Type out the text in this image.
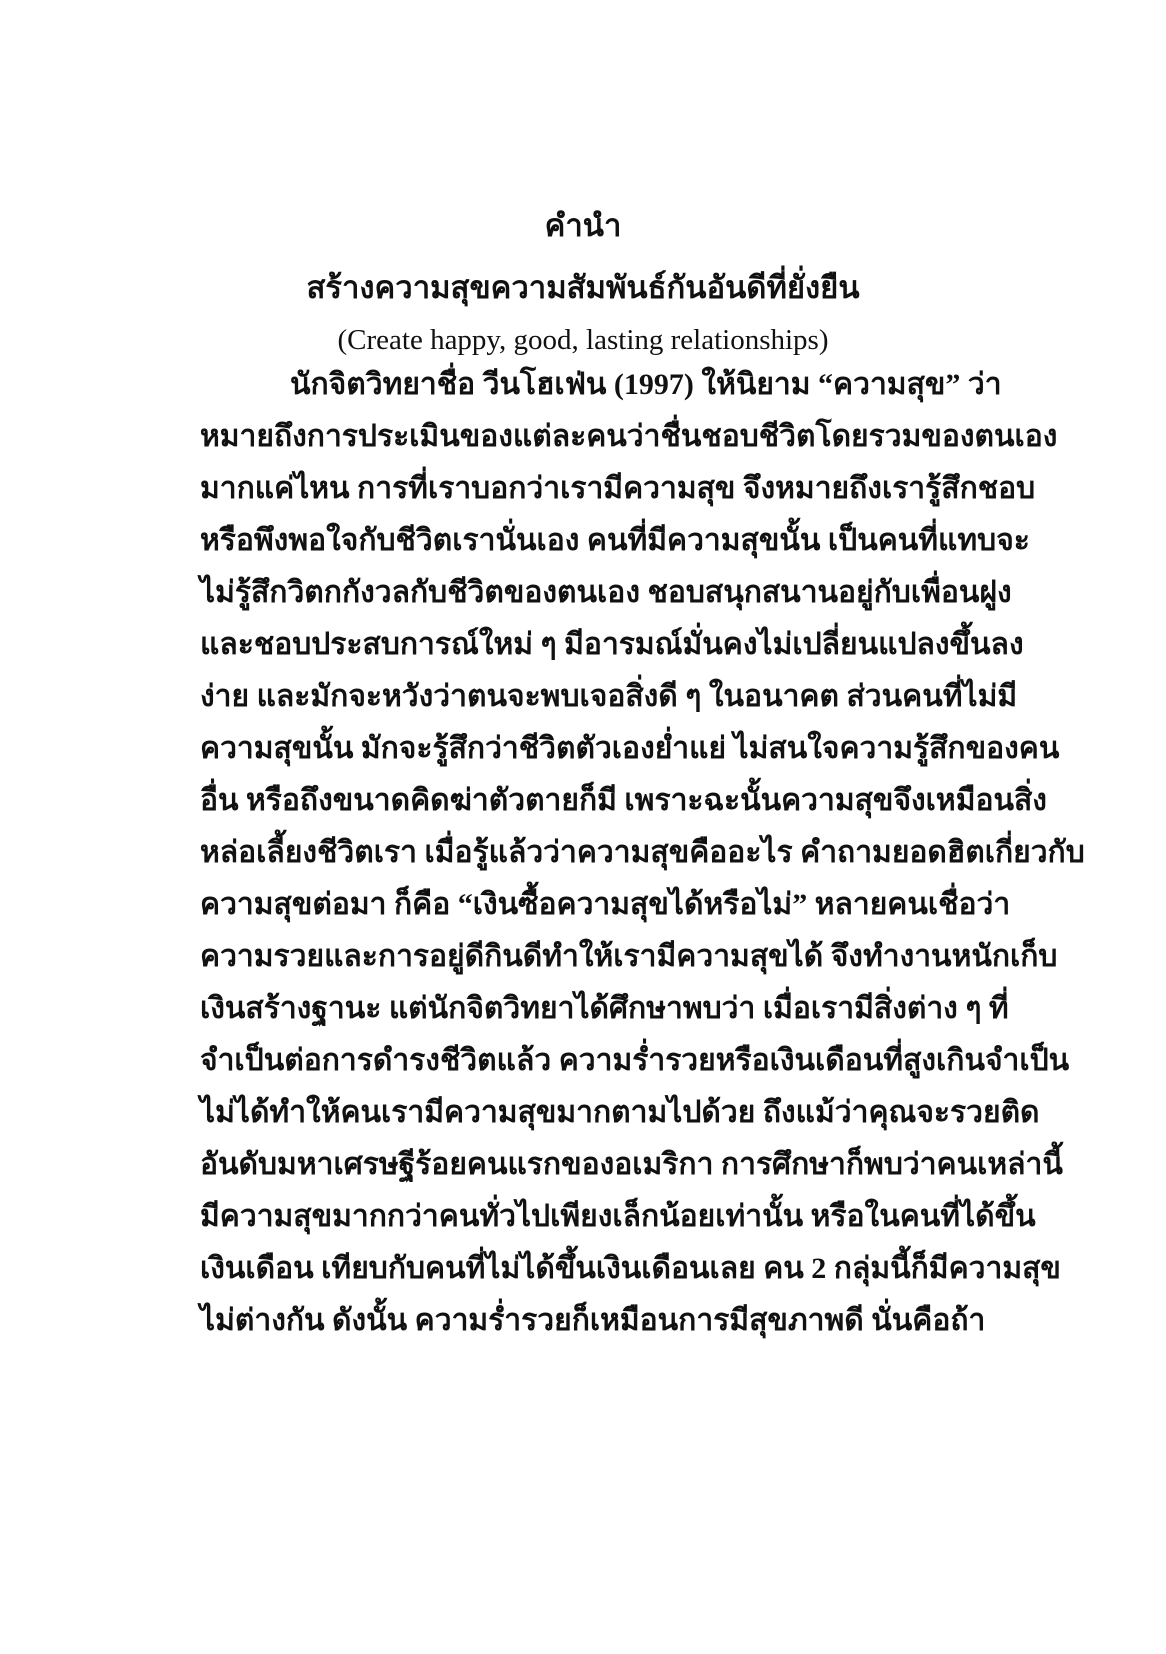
คำนำ
สร้างความสุขความสัมพันธ์กันอันดีที่ยั่งยืน
(Create happy, good, lasting relationships)
นักจิตวิทยาชื่อ วีนโฮเฟ่น (1997) ให้นิยาม “ความสุข” ว่า
หมายถึงการประเมินของแต่ละคนว่าชื่นชอบชีวิตโดยรวมของตนเอง
มากแค่ไหน การที่เราบอกว่าเรามีความสุข จึงหมายถึงเรารู้สึกชอบ
หรือพึงพอใจกับชีวิตเรานั่นเอง คนที่มีความสุขนั้น เป็นคนที่แทบจะ
ไม่รู้สึกวิตกกังวลกับชีวิตของตนเอง ชอบสนุกสนานอยู่กับเพื่อนฝูง
และชอบประสบการณ์ใหม่ ๆ มีอารมณ์มั่นคงไม่เปลี่ยนแปลงขึ้นลง
ง่าย และมักจะหวังว่าตนจะพบเจอสิ่งดี ๆ ในอนาคต ส่วนคนที่ไม่มี
ความสุขนั้น มักจะรู้สึกว่าชีวิตตัวเองย่ำแย่ ไม่สนใจความรู้สึกของคน
อื่น หรือถึงขนาดคิดฆ่าตัวตายก็มี เพราะฉะนั้นความสุขจึงเหมือนสิ่ง
หล่อเลี้ยงชีวิตเรา เมื่อรู้แล้วว่าความสุขคืออะไร คำถามยอดฮิตเกี่ยวกับ
ความสุขต่อมา ก็คือ “เงินซื้อความสุขได้หรือไม่” หลายคนเชื่อว่า
ความรวยและการอยู่ดีกินดีทำให้เรามีความสุขได้ จึงทำงานหนักเก็บ
เงินสร้างฐานะ แต่นักจิตวิทยาได้ศึกษาพบว่า เมื่อเรามีสิ่งต่าง ๆ ที่
จำเป็นต่อการดำรงชีวิตแล้ว ความร่ำรวยหรือเงินเดือนที่สูงเกินจำเป็น
ไม่ได้ทำให้คนเรามีความสุขมากตามไปด้วย ถึงแม้ว่าคุณจะรวยติด
อันดับมหาเศรษฐีร้อยคนแรกของอเมริกา การศึกษาก็พบว่าคนเหล่านี้
มีความสุขมากกว่าคนทั่วไปเพียงเล็กน้อยเท่านั้น หรือในคนที่ได้ขึ้น
เงินเดือน เทียบกับคนที่ไม่ได้ขึ้นเงินเดือนเลย คน 2 กลุ่มนี้ก็มีความสุข
ไม่ต่างกัน ดังนั้น ความร่ำรวยก็เหมือนการมีสุขภาพดี นั่นคือถ้า
